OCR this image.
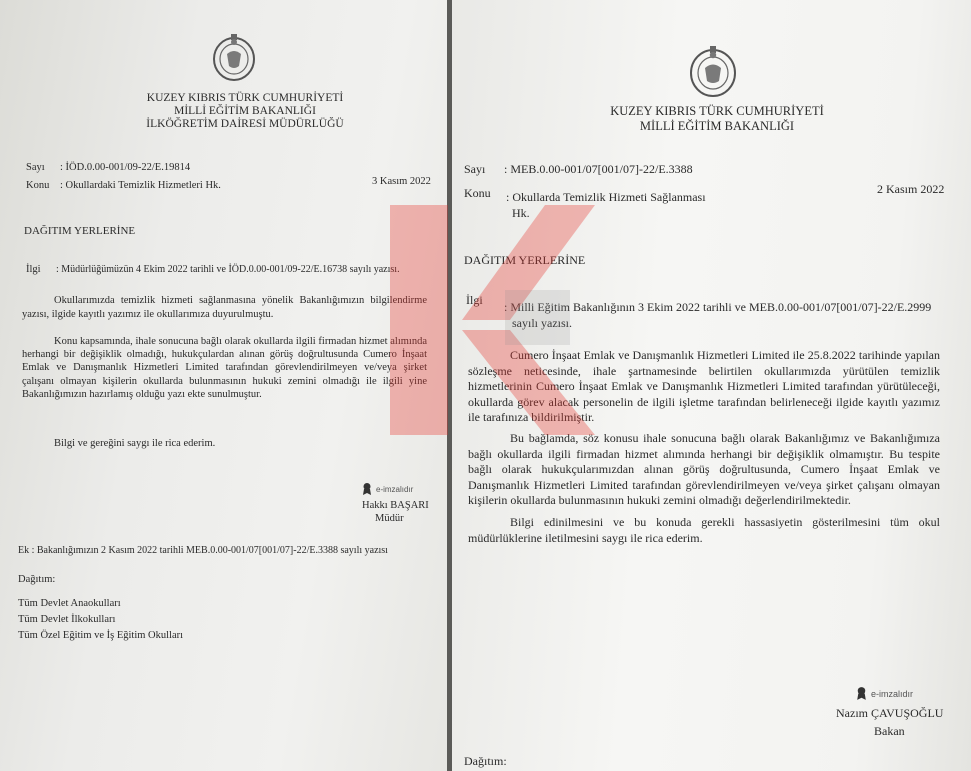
KUZEY KIBRIS TÜRK CUMHURİYETİ
MİLLİ EĞİTİM BAKANLIĞI
İLKÖĞRETİM DAİRESİ MÜDÜRLÜĞÜ
Sayı : İÖD.0.00-001/09-22/E.19814
3 Kasım 2022
Konu : Okullardaki Temizlik Hizmetleri Hk.
DAĞITIM YERLERİNE
İlgi : Müdürlüğümüzün 4 Ekim 2022 tarihli ve İÖD.0.00-001/09-22/E.16738 sayılı yazısı.
Okullarımızda temizlik hizmeti sağlanmasına yönelik Bakanlığımızın bilgilendirme yazısı, ilgide kayıtlı yazımız ile okullarımıza duyurulmuştu.
Konu kapsamında, ihale sonucuna bağlı olarak okullarda ilgili firmadan hizmet alımında herhangi bir değişiklik olmadığı, hukukçulardan alınan görüş doğrultusunda Cumero İnşaat Emlak ve Danışmanlık Hizmetleri Limited tarafından görevlendirilmeyen ve/veya şirket çalışanı olmayan kişilerin okullarda bulunmasının hukuki zemini olmadığı ile ilgili yine Bakanlığımızın hazırlamış olduğu yazı ekte sunulmuştur.
Bilgi ve gereğini saygı ile rica ederim.
e-imzalıdır
Hakkı BAŞARI
Müdür
Ek : Bakanlığımızın 2 Kasım 2022 tarihli MEB.0.00-001/07[001/07]-22/E.3388 sayılı yazısı
Dağıtım:
Tüm Devlet Anaokulları
Tüm Devlet İlkokulları
Tüm Özel Eğitim ve İş Eğitim Okulları
KUZEY KIBRIS TÜRK CUMHURİYETİ
MİLLİ EĞİTİM BAKANLIĞI
Sayı : MEB.0.00-001/07[001/07]-22/E.3388
2 Kasım 2022
Konu : Okullarda Temizlik Hizmeti Sağlanması
Hk.
DAĞITIM YERLERİNE
İlgi : Milli Eğitim Bakanlığının 3 Ekim 2022 tarihli ve MEB.0.00-001/07[001/07]-22/E.2999
sayılı yazısı.
Cumero İnşaat Emlak ve Danışmanlık Hizmetleri Limited ile 25.8.2022 tarihinde yapılan sözleşme neticesinde, ihale şartnamesinde belirtilen okullarımızda yürütülen temizlik hizmetlerinin Cumero İnşaat Emlak ve Danışmanlık Hizmetleri Limited tarafından yürütüleceği, okullarda görev alacak personelin de ilgili işletme tarafından belirleneceği ilgide kayıtlı yazımız ile tarafınıza bildirilmiştir.
Bu bağlamda, söz konusu ihale sonucuna bağlı olarak Bakanlığımız ve Bakanlığımıza bağlı okullarda ilgili firmadan hizmet alımında herhangi bir değişiklik olmamıştır. Bu tespite bağlı olarak hukukçularımızdan alınan görüş doğrultusunda, Cumero İnşaat Emlak ve Danışmanlık Hizmetleri Limited tarafından görevlendirilmeyen ve/veya şirket çalışanı olmayan kişilerin okullarda bulunmasının hukuki zemini olmadığı değerlendirilmektedir.
Bilgi edinilmesini ve bu konuda gerekli hassasiyetin gösterilmesini tüm okul müdürlüklerine iletilmesini saygı ile rica ederim.
e-imzalıdır
Nazım ÇAVUŞOĞLU
Bakan
Dağıtım:
